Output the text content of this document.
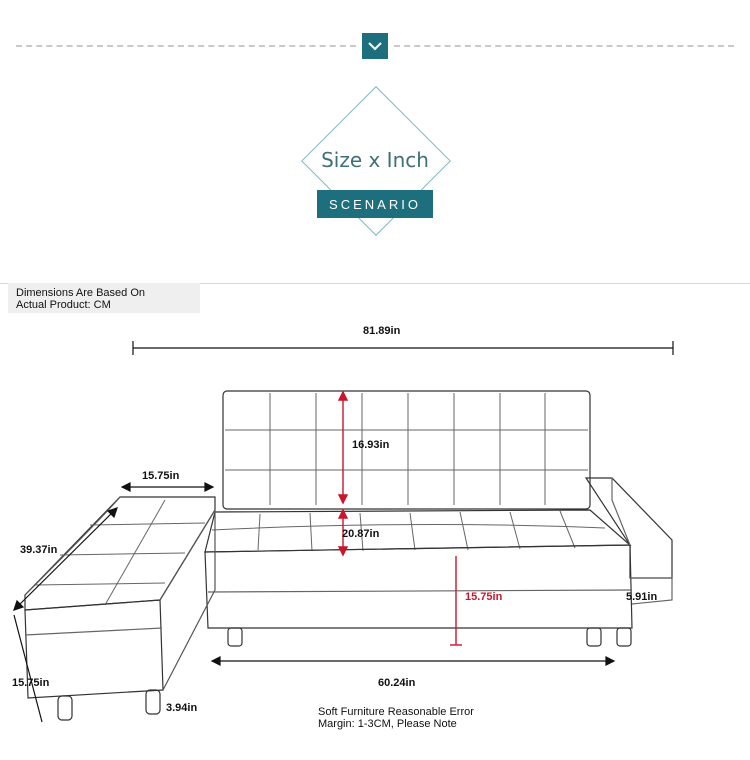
Size x Inch
SCENARIO
Dimensions Are Based On
Actual Product: CM
81.89in
16.93in
20.87in
15.75in	5.91in
60.24in
15.75in
39.37in
15.75in
3.94in	Soft Furniture Reasonable Error
Margin: 1-3CM, Please Note
